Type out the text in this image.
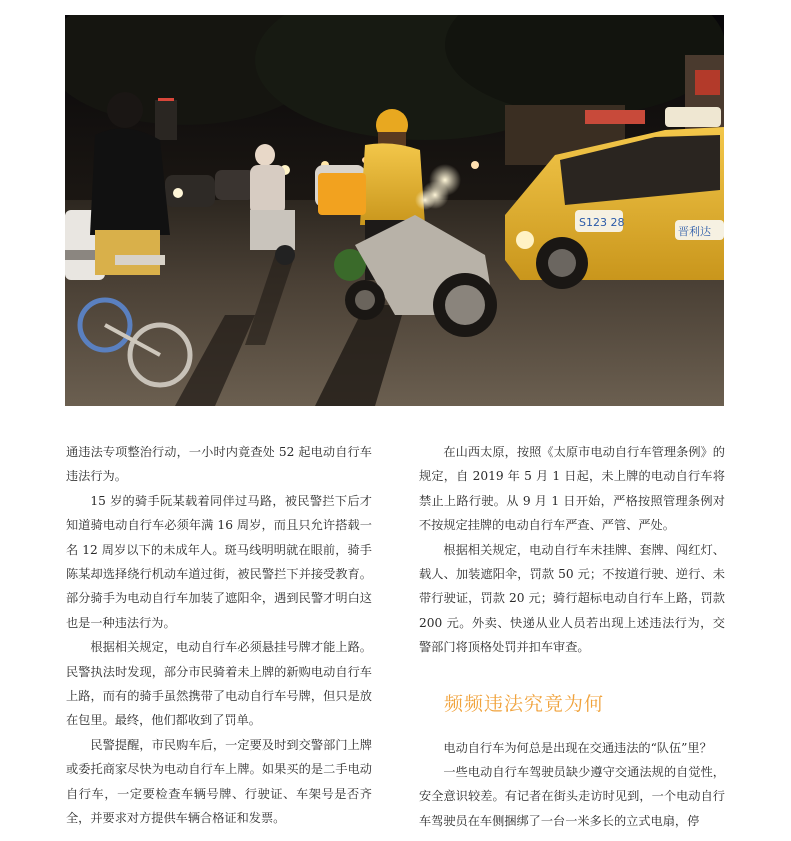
S123 28
晋利达

通违法专项整治行动，一小时内竟查处 52 起电动自行车违法行为。

15 岁的骑手阮某载着同伴过马路，被民警拦下后才知道骑电动自行车必须年满 16 周岁，而且只允许搭载一名 12 周岁以下的未成年人。斑马线明明就在眼前，骑手陈某却选择绕行机动车道过街，被民警拦下并接受教育。部分骑手为电动自行车加装了遮阳伞，遇到民警才明白这也是一种违法行为。

根据相关规定，电动自行车必须悬挂号牌才能上路。民警执法时发现，部分市民骑着未上牌的新购电动自行车上路，而有的骑手虽然携带了电动自行车号牌，但只是放在包里。最终，他们都收到了罚单。

民警提醒，市民购车后，一定要及时到交警部门上牌或委托商家尽快为电动自行车上牌。如果买的是二手电动自行车，一定要检查车辆号牌、行驶证、车架号是否齐全，并要求对方提供车辆合格证和发票。

在山西太原，按照《太原市电动自行车管理条例》的规定，自 2019 年 5 月 1 日起，未上牌的电动自行车将禁止上路行驶。从 9 月 1 日开始，严格按照管理条例对不按规定挂牌的电动自行车严查、严管、严处。

根据相关规定，电动自行车未挂牌、套牌、闯红灯、载人、加装遮阳伞，罚款 50 元；不按道行驶、逆行、未带行驶证，罚款 20 元；骑行超标电动自行车上路，罚款 200 元。外卖、快递从业人员若出现上述违法行为，交警部门将顶格处罚并扣车审查。

频频违法究竟为何

电动自行车为何总是出现在交通违法的“队伍”里？

一些电动自行车驾驶员缺少遵守交通法规的自觉性，安全意识较差。有记者在街头走访时见到，一个电动自行车驾驶员在车侧捆绑了一台一米多长的立式电扇，停
